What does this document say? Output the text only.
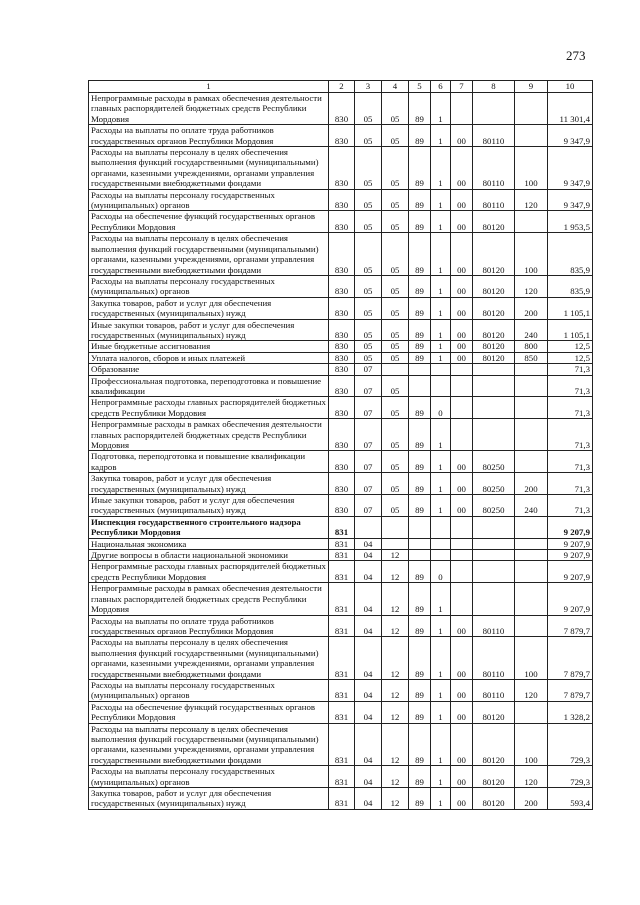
273
1	2	3	4	5	6	7	8	9	10
Непрограммные расходы в рамках обеспечения деятельности главных распорядителей бюджетных средств Республики Мордовия	830	05	05	89	1				11 301,4
Расходы на выплаты по оплате труда работников государственных органов Республики Мордовия	830	05	05	89	1	00	80110		9 347,9
Расходы на выплаты персоналу в целях обеспечения выполнения функций государственными (муниципальными) органами, казенными учреждениями, органами управления государственными внебюджетными фондами	830	05	05	89	1	00	80110	100	9 347,9
Расходы на выплаты персоналу государственных (муниципальных) органов	830	05	05	89	1	00	80110	120	9 347,9
Расходы на обеспечение функций государственных органов Республики Мордовия	830	05	05	89	1	00	80120		1 953,5
Расходы на выплаты персоналу в целях обеспечения выполнения функций государственными (муниципальными) органами, казенными учреждениями, органами управления государственными внебюджетными фондами	830	05	05	89	1	00	80120	100	835,9
Расходы на выплаты персоналу государственных (муниципальных) органов	830	05	05	89	1	00	80120	120	835,9
Закупка товаров, работ и услуг для обеспечения государственных (муниципальных) нужд	830	05	05	89	1	00	80120	200	1 105,1
Иные закупки товаров, работ и услуг для обеспечения государственных (муниципальных) нужд	830	05	05	89	1	00	80120	240	1 105,1
Иные бюджетные ассигнования	830	05	05	89	1	00	80120	800	12,5
Уплата налогов, сборов и иных платежей	830	05	05	89	1	00	80120	850	12,5
Образование	830	07							71,3
Профессиональная подготовка, переподготовка и повышение квалификации	830	07	05						71,3
Непрограммные расходы главных распорядителей бюджетных средств Республики Мордовия	830	07	05	89	0				71,3
Непрограммные расходы в рамках обеспечения деятельности главных распорядителей бюджетных средств Республики Мордовия	830	07	05	89	1				71,3
Подготовка, переподготовка и повышение квалификации кадров	830	07	05	89	1	00	80250		71,3
Закупка товаров, работ и услуг для обеспечения государственных (муниципальных) нужд	830	07	05	89	1	00	80250	200	71,3
Иные закупки товаров, работ и услуг для обеспечения государственных (муниципальных) нужд	830	07	05	89	1	00	80250	240	71,3
Инспекция государственного строительного надзора Республики Мордовия	831								9 207,9
Национальная экономика	831	04							9 207,9
Другие вопросы в области национальной экономики	831	04	12						9 207,9
Непрограммные расходы главных распорядителей бюджетных средств Республики Мордовия	831	04	12	89	0				9 207,9
Непрограммные расходы в рамках обеспечения деятельности главных распорядителей бюджетных средств Республики Мордовия	831	04	12	89	1				9 207,9
Расходы на выплаты по оплате труда работников государственных органов Республики Мордовия	831	04	12	89	1	00	80110		7 879,7
Расходы на выплаты персоналу в целях обеспечения выполнения функций государственными (муниципальными) органами, казенными учреждениями, органами управления государственными внебюджетными фондами	831	04	12	89	1	00	80110	100	7 879,7
Расходы на выплаты персоналу государственных (муниципальных) органов	831	04	12	89	1	00	80110	120	7 879,7
Расходы на обеспечение функций государственных органов Республики Мордовия	831	04	12	89	1	00	80120		1 328,2
Расходы на выплаты персоналу в целях обеспечения выполнения функций государственными (муниципальными) органами, казенными учреждениями, органами управления государственными внебюджетными фондами	831	04	12	89	1	00	80120	100	729,3
Расходы на выплаты персоналу государственных (муниципальных) органов	831	04	12	89	1	00	80120	120	729,3
Закупка товаров, работ и услуг для обеспечения государственных (муниципальных) нужд	831	04	12	89	1	00	80120	200	593,4
